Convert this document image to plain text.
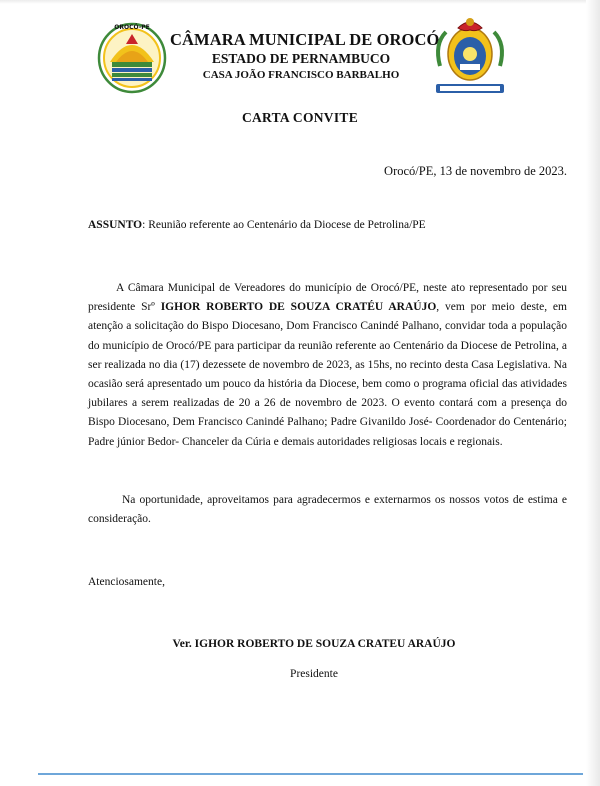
OROCÓ-PE
CÂMARA MUNICIPAL DE OROCÓ
ESTADO DE PERNAMBUCO
CASA JOÃO FRANCISCO BARBALHO
CARTA CONVITE
Orocó/PE, 13 de novembro de 2023.
ASSUNTO: Reunião referente ao Centenário da Diocese de Petrolina/PE
A Câmara Municipal de Vereadores do município de Orocó/PE, neste ato representado por seu presidente Srº IGHOR ROBERTO DE SOUZA CRATÉU ARAÚJO, vem por meio deste, em atenção a solicitação do Bispo Diocesano, Dom Francisco Canindé Palhano, convidar toda a população do município de Orocó/PE para participar da reunião referente ao Centenário da Diocese de Petrolina, a ser realizada no dia (17) dezessete de novembro de 2023, as 15hs, no recinto desta Casa Legislativa. Na ocasião será apresentado um pouco da história da Diocese, bem como o programa oficial das atividades jubilares a serem realizadas de 20 a 26 de novembro de 2023. O evento contará com a presença do Bispo Diocesano, Dem Francisco Canindé Palhano; Padre Givanildo José- Coordenador do Centenário; Padre júnior Bedor- Chanceler da Cúria e demais autoridades religiosas locais e regionais.
Na oportunidade, aproveitamos para agradecermos e externarmos os nossos votos de estima e consideração.
Atenciosamente,
Ver. IGHOR ROBERTO DE SOUZA CRATEU ARAÚJO
Presidente
